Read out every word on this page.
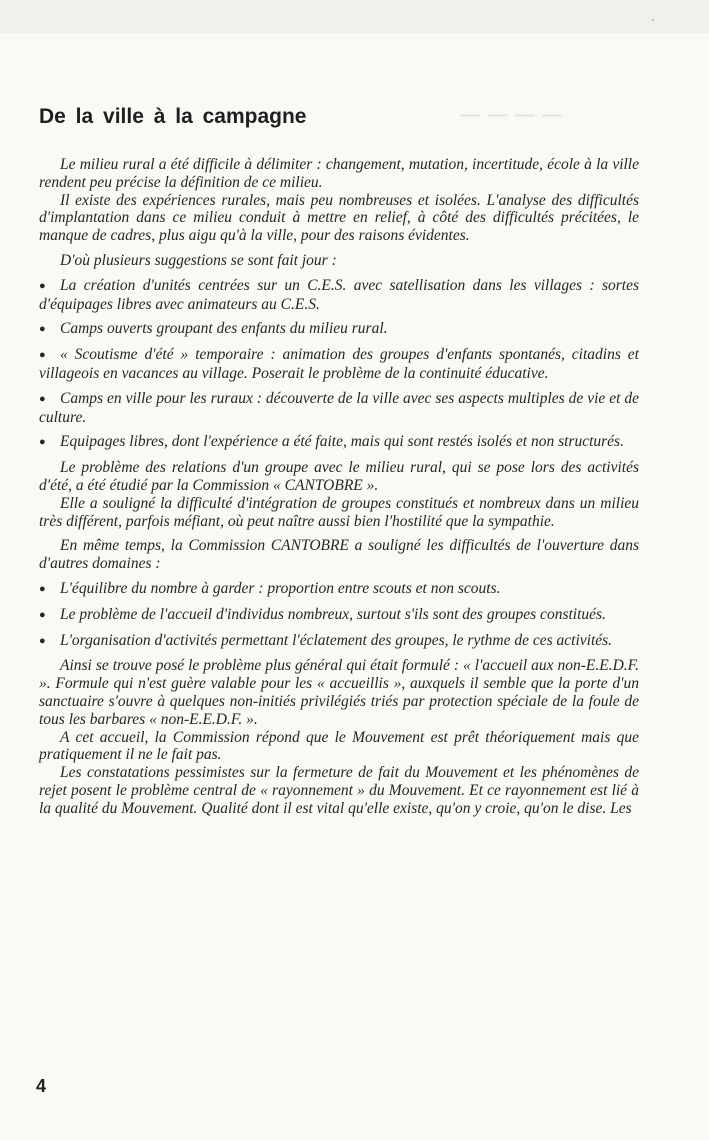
— — — —
De la ville à la campagne

Le milieu rural a été difficile à délimiter : changement, mutation, incertitude, école à la ville rendent peu précise la définition de ce milieu.

Il existe des expériences rurales, mais peu nombreuses et isolées. L'analyse des difficultés d'implantation dans ce milieu conduit à mettre en relief, à côté des difficultés précitées, le manque de cadres, plus aigu qu'à la ville, pour des raisons évidentes.

D'où plusieurs suggestions se sont fait jour :

● La création d'unités centrées sur un C.E.S. avec satellisation dans les villages : sortes d'équipages libres avec animateurs au C.E.S.

● Camps ouverts groupant des enfants du milieu rural.

● « Scoutisme d'été » temporaire : animation des groupes d'enfants spontanés, citadins et villageois en vacances au village. Poserait le problème de la continuité éducative.

● Camps en ville pour les ruraux : découverte de la ville avec ses aspects multiples de vie et de culture.

● Equipages libres, dont l'expérience a été faite, mais qui sont restés isolés et non structurés.

Le problème des relations d'un groupe avec le milieu rural, qui se pose lors des activités d'été, a été étudié par la Commission « CANTOBRE ».

Elle a souligné la difficulté d'intégration de groupes constitués et nombreux dans un milieu très différent, parfois méfiant, où peut naître aussi bien l'hostilité que la sympathie.

En même temps, la Commission CANTOBRE a souligné les difficultés de l'ouverture dans d'autres domaines :

● L'équilibre du nombre à garder : proportion entre scouts et non scouts.

● Le problème de l'accueil d'individus nombreux, surtout s'ils sont des groupes constitués.

● L'organisation d'activités permettant l'éclatement des groupes, le rythme de ces activités.

Ainsi se trouve posé le problème plus général qui était formulé : « l'accueil aux non-E.E.D.F. ». Formule qui n'est guère valable pour les « accueillis », auxquels il semble que la porte d'un sanctuaire s'ouvre à quelques non-initiés privilégiés triés par protection spéciale de la foule de tous les barbares « non-E.E.D.F. ».

A cet accueil, la Commission répond que le Mouvement est prêt théoriquement mais que pratiquement il ne le fait pas.

Les constatations pessimistes sur la fermeture de fait du Mouvement et les phénomènes de rejet posent le problème central de « rayonnement » du Mouvement. Et ce rayonnement est lié à la qualité du Mouvement. Qualité dont il est vital qu'elle existe, qu'on y croie, qu'on le dise. Les

4
